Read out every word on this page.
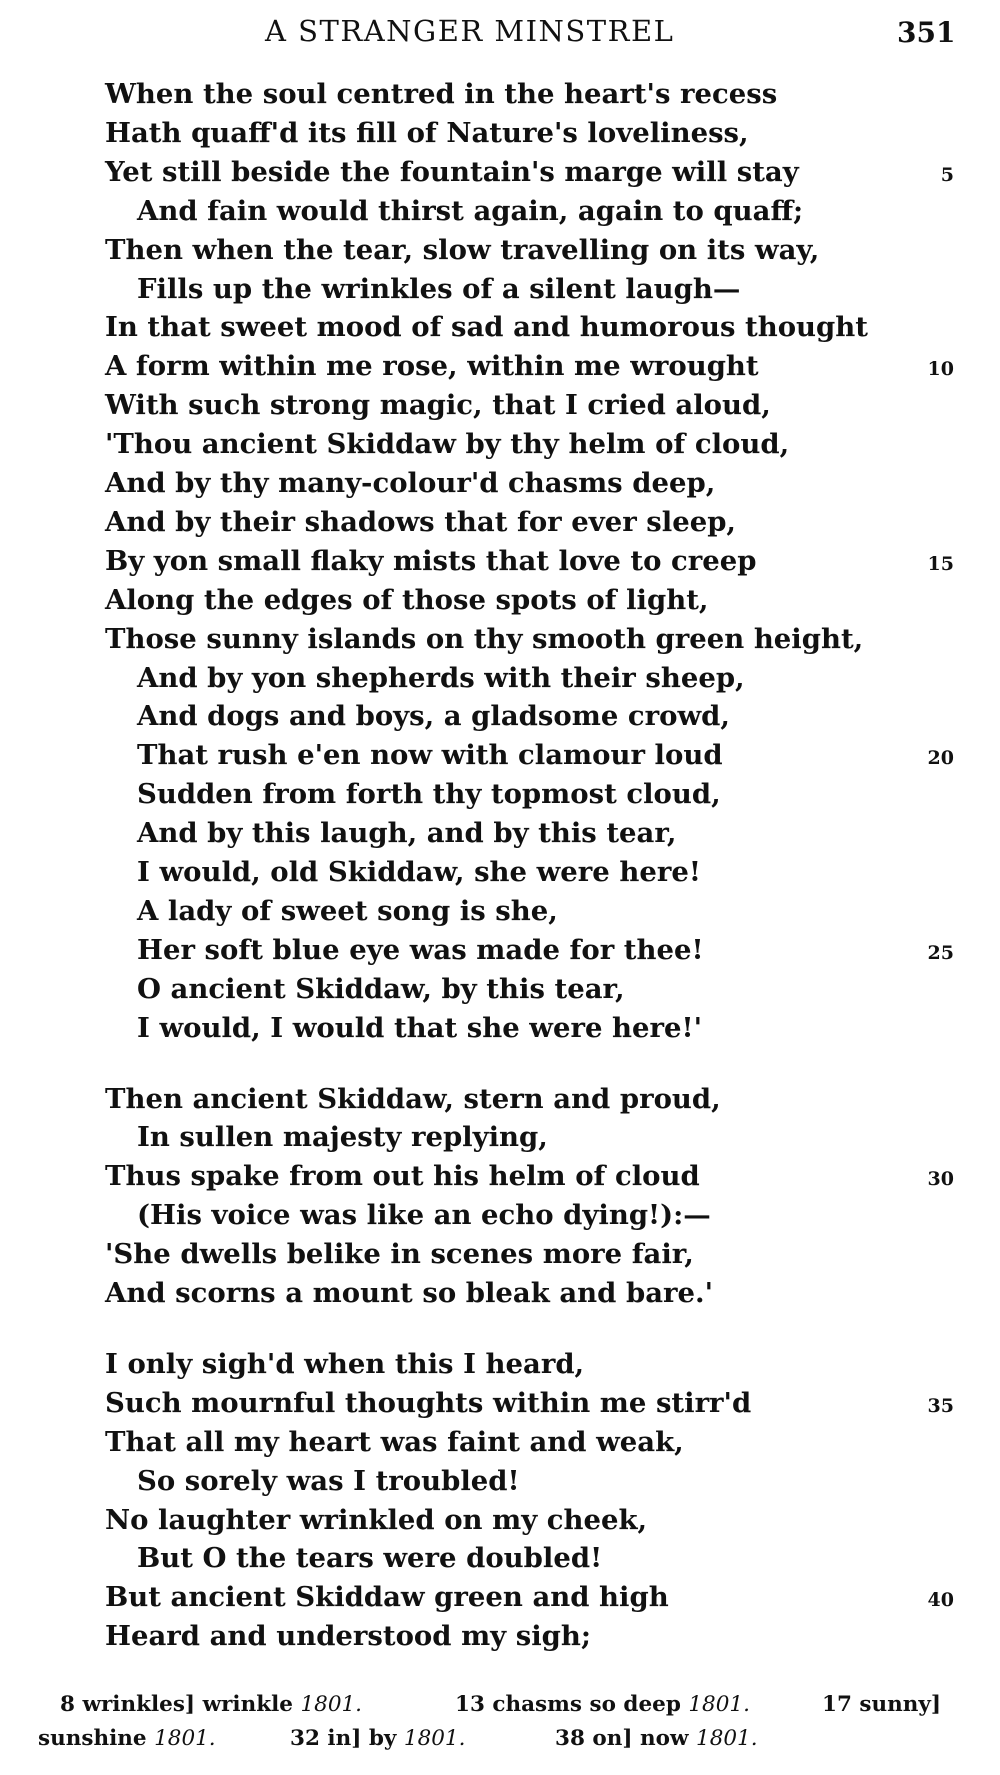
A STRANGER MINSTREL	351
When the soul centred in the heart's recess
Hath quaff'd its fill of Nature's loveliness,
Yet still beside the fountain's marge will stay	5
And fain would thirst again, again to quaff;
Then when the tear, slow travelling on its way,
Fills up the wrinkles of a silent laugh—
In that sweet mood of sad and humorous thought
A form within me rose, within me wrought	10
With such strong magic, that I cried aloud,
'Thou ancient Skiddaw by thy helm of cloud,
And by thy many-colour'd chasms deep,
And by their shadows that for ever sleep,
By yon small flaky mists that love to creep	15
Along the edges of those spots of light,
Those sunny islands on thy smooth green height,
And by yon shepherds with their sheep,
And dogs and boys, a gladsome crowd,
That rush e'en now with clamour loud	20
Sudden from forth thy topmost cloud,
And by this laugh, and by this tear,
I would, old Skiddaw, she were here!
A lady of sweet song is she,
Her soft blue eye was made for thee!	25
O ancient Skiddaw, by this tear,
I would, I would that she were here!'
Then ancient Skiddaw, stern and proud,
In sullen majesty replying,
Thus spake from out his helm of cloud	30
(His voice was like an echo dying!):—
'She dwells belike in scenes more fair,
And scorns a mount so bleak and bare.'
I only sigh'd when this I heard,
Such mournful thoughts within me stirr'd	35
That all my heart was faint and weak,
So sorely was I troubled!
No laughter wrinkled on my cheek,
But O the tears were doubled!
But ancient Skiddaw green and high	40
Heard and understood my sigh;
8 wrinkles] wrinkle 1801.	13 chasms so deep 1801.	17 sunny]
sunshine 1801.	32 in] by 1801.	38 on] now 1801.
